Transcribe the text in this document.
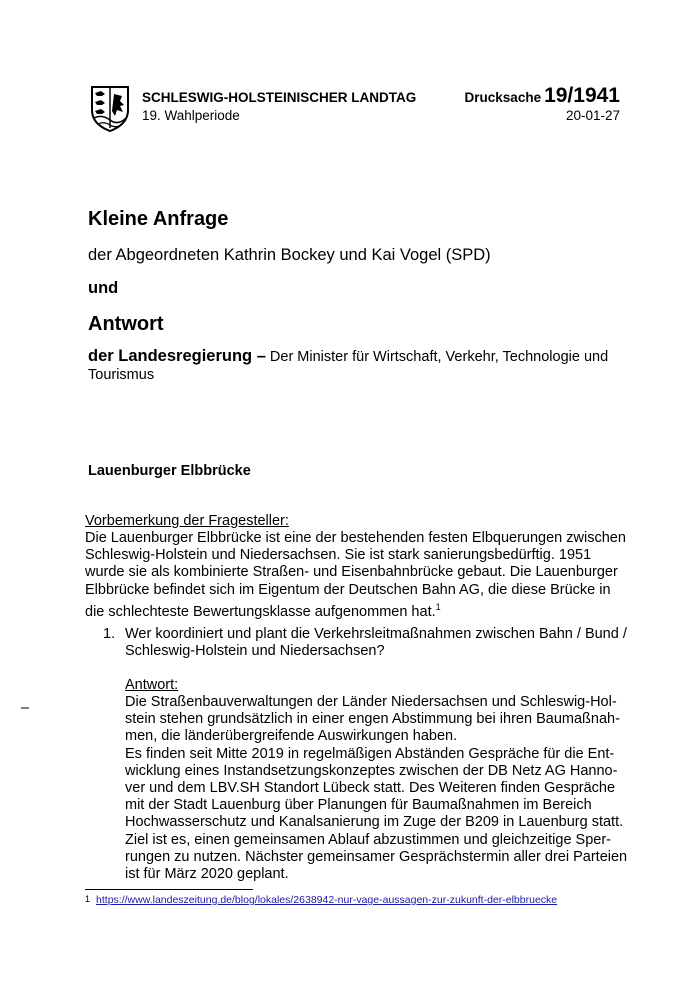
SCHLESWIG-HOLSTEINISCHER LANDTAG
19. Wahlperiode
Drucksache 19/1941
20-01-27
Kleine Anfrage
der Abgeordneten Kathrin Bockey und Kai Vogel (SPD)
und
Antwort
der Landesregierung – Der Minister für Wirtschaft, Verkehr, Technologie und Tourismus
Lauenburger Elbbrücke
Vorbemerkung der Fragesteller:

Die Lauenburger Elbbrücke ist eine der bestehenden festen Elbquerungen zwischen

Schleswig-Holstein und Niedersachsen. Sie ist stark sanierungsbedürftig. 1951

wurde sie als kombinierte Straßen- und Eisenbahnbrücke gebaut. Die Lauenburger

Elbbrücke befindet sich im Eigentum der Deutschen Bahn AG, die diese Brücke in

die schlechteste Bewertungsklasse aufgenommen hat.$^1$

1. Wer koordiniert und plant die Verkehrsleitmaßnahmen zwischen Bahn / Bund /

Schleswig-Holstein und Niedersachsen?

Antwort:

Die Straßenbauverwaltungen der Länder Niedersachsen und Schleswig-Hol-

stein stehen grundsätzlich in einer engen Abstimmung bei ihren Baumaßnah-

men, die länderübergreifende Auswirkungen haben.

Es finden seit Mitte 2019 in regelmäßigen Abständen Gespräche für die Ent-

wicklung eines Instandsetzungskonzeptes zwischen der DB Netz AG Hanno-

ver und dem LBV.SH Standort Lübeck statt. Des Weiteren finden Gespräche

mit der Stadt Lauenburg über Planungen für Baumaßnahmen im Bereich

Hochwasserschutz und Kanalsanierung im Zuge der B209 in Lauenburg statt.

Ziel ist es, einen gemeinsamen Ablauf abzustimmen und gleichzeitige Sper-

rungen zu nutzen. Nächster gemeinsamer Gesprächstermin aller drei Parteien

ist für März 2020 geplant.

–
$^1$ https://www.landeszeitung.de/blog/lokales/2638942-nur-vage-aussagen-zur-zukunft-der-elbbruecke
